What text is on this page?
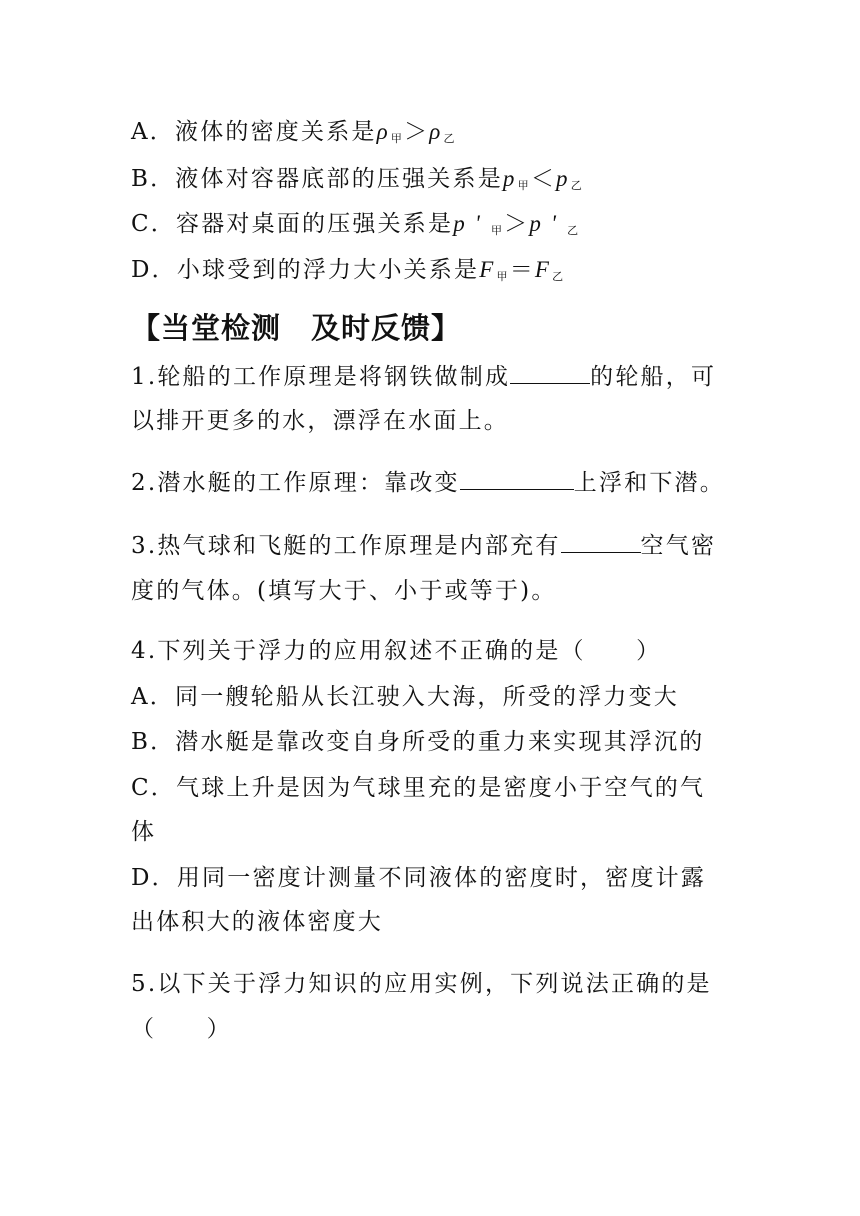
A．液体的密度关系是$\rho_甲>\rho_乙$
B．液体对容器底部的压强关系是$p_甲<p_乙$
C．容器对桌面的压强关系是p ' $_甲$＞p ' $_乙$
D．小球受到的浮力大小关系是$F_甲=F_乙$
【当堂检测　及时反馈】
1.轮船的工作原理是将钢铁做制成	的轮船，可
以排开更多的水，漂浮在水面上。
2.潜水艇的工作原理：靠改变	上浮和下潜。
3.热气球和飞艇的工作原理是内部充有	空气密
度的气体。(填写大于、小于或等于)。
4.下列关于浮力的应用叙述不正确的是（　　）
A．同一艘轮船从长江驶入大海，所受的浮力变大
B．潜水艇是靠改变自身所受的重力来实现其浮沉的
C．气球上升是因为气球里充的是密度小于空气的气
体
D．用同一密度计测量不同液体的密度时，密度计露
出体积大的液体密度大
5.以下关于浮力知识的应用实例，下列说法正确的是
（　　）
